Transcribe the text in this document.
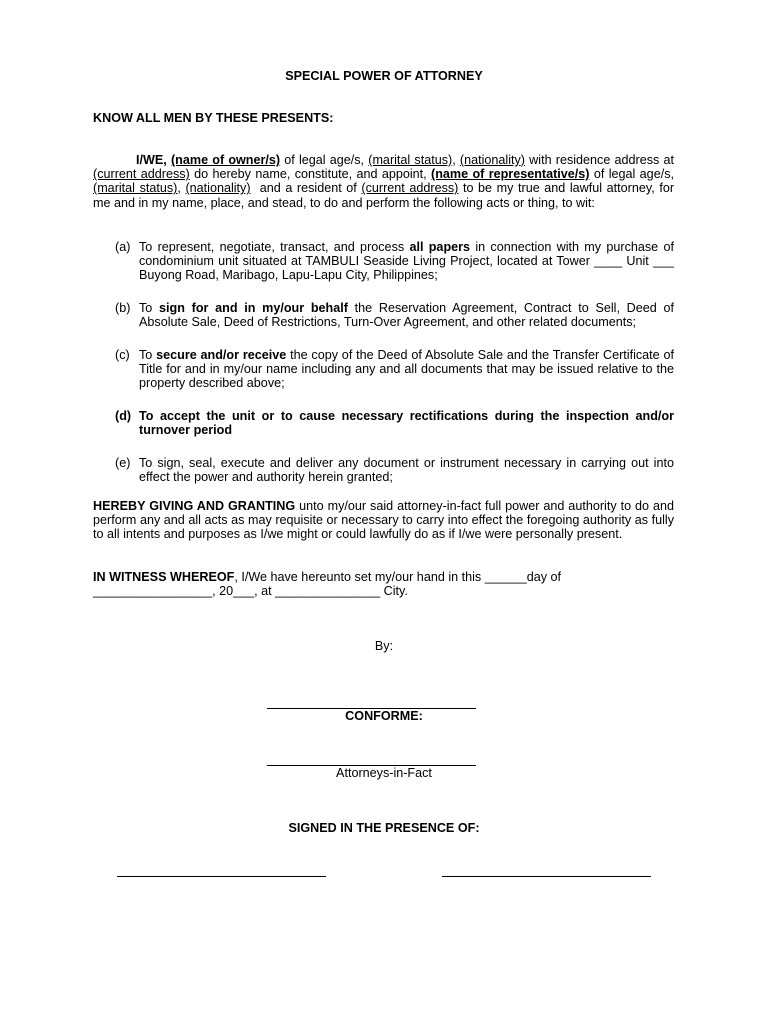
SPECIAL POWER OF ATTORNEY
KNOW ALL MEN BY THESE PRESENTS:
I/WE, (name of owner/s) of legal age/s, (marital status), (nationality) with residence address at (current address) do hereby name, constitute, and appoint, (name of representative/s) of legal age/s, (marital status), (nationality)  and a resident of (current address) to be my true and lawful attorney, for me and in my name, place, and stead, to do and perform the following acts or thing, to wit:
(a) To represent, negotiate, transact, and process all papers in connection with my purchase of condominium unit situated at TAMBULI Seaside Living Project, located at Tower ____ Unit ___ Buyong Road, Maribago, Lapu-Lapu City, Philippines;
(b) To sign for and in my/our behalf the Reservation Agreement, Contract to Sell, Deed of Absolute Sale, Deed of Restrictions, Turn-Over Agreement, and other related documents;
(c) To secure and/or receive the copy of the Deed of Absolute Sale and the Transfer Certificate of Title for and in my/our name including any and all documents that may be issued relative to the property described above;
(d) To accept the unit or to cause necessary rectifications during the inspection and/or turnover period
(e) To sign, seal, execute and deliver any document or instrument necessary in carrying out into effect the power and authority herein granted;
HEREBY GIVING AND GRANTING unto my/our said attorney-in-fact full power and authority to do and perform any and all acts as may requisite or necessary to carry into effect the foregoing authority as fully to all intents and purposes as I/we might or could lawfully do as if I/we were personally present.
IN WITNESS WHEREOF, I/We have hereunto set my/our hand in this ______day of
_________________, 20___, at _______________ City.
By:
CONFORME:
Attorneys-in-Fact
SIGNED IN THE PRESENCE OF:
